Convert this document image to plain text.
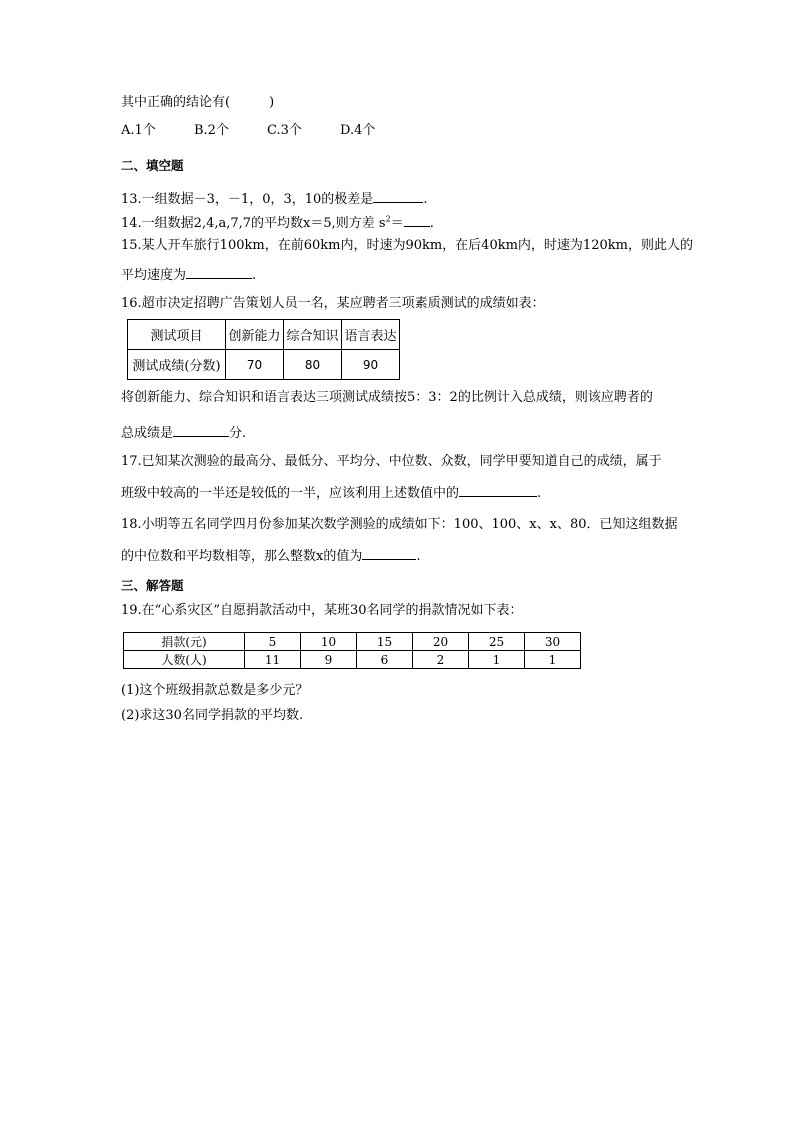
其中正确的结论有(　　　)
A.1个	B.2个	C.3个	D.4个
二、填空题
13.一组数据－3，－1，0，3，10的极差是	.
14.一组数据2,4,a,7,7的平均数x＝5,则方差 $s^2=$ .
15.某人开车旅行100km，在前60km内，时速为90km，在后40km内，时速为120km，则此人的
平均速度为	.
16.超市决定招聘广告策划人员一名，某应聘者三项素质测试的成绩如表：
测试项目	创新能力	综合知识	语言表达
测试成绩(分数)	70	80	90
将创新能力、综合知识和语言表达三项测试成绩按5：3：2的比例计入总成绩，则该应聘者的
总成绩是	分.
17.已知某次测验的最高分、最低分、平均分、中位数、众数，同学甲要知道自己的成绩，属于
班级中较高的一半还是较低的一半，应该利用上述数值中的	.
18.小明等五名同学四月份参加某次数学测验的成绩如下：100、100、x、x、80．已知这组数据
的中位数和平均数相等，那么整数x的值为	.
三、解答题
19.在“心系灾区”自愿捐款活动中，某班30名同学的捐款情况如下表：
捐款(元)	5	10	15	20	25	30
人数(人)	11	9	6	2	1	1
(1)这个班级捐款总数是多少元？
(2)求这30名同学捐款的平均数.
